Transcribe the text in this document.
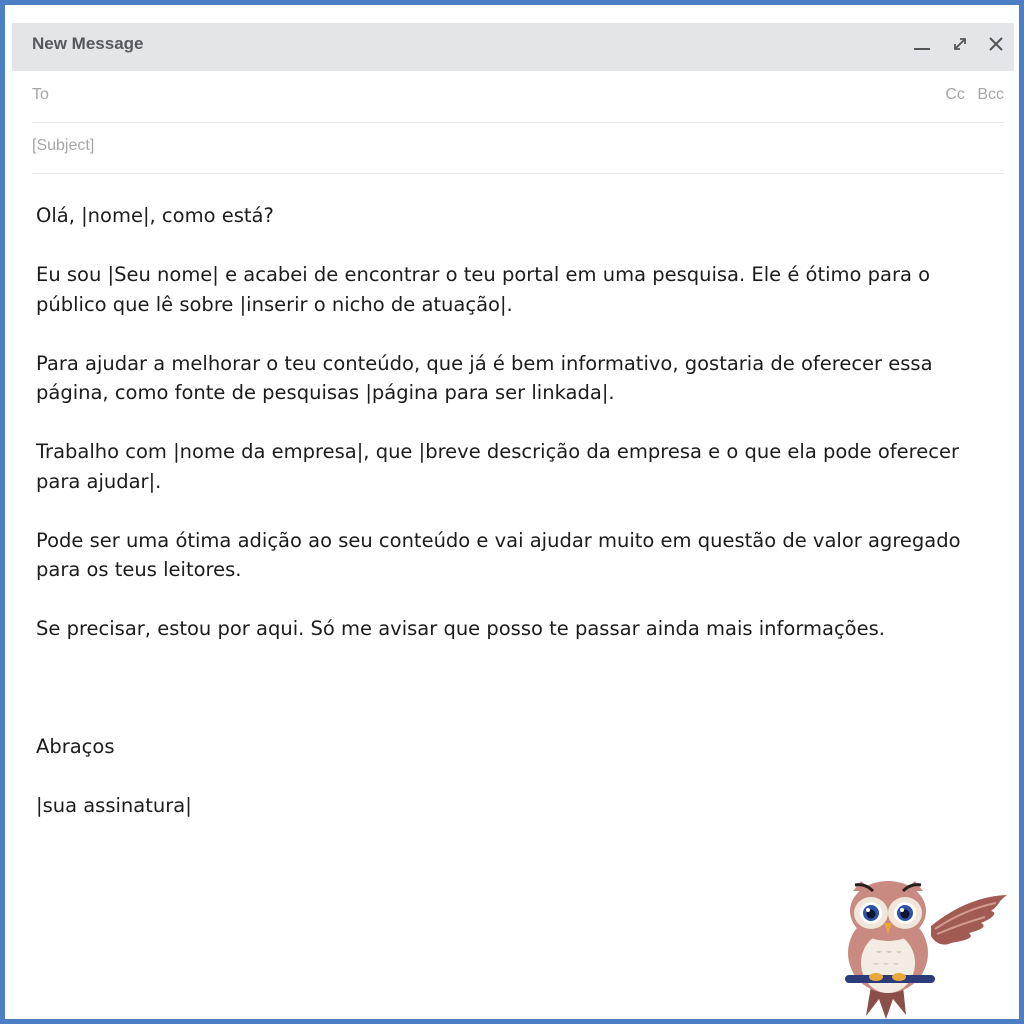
New Message
To	Cc Bcc
[Subject]

Olá, |nome|, como está?

Eu sou |Seu nome| e acabei de encontrar o teu portal em uma pesquisa. Ele é ótimo para o público que lê sobre |inserir o nicho de atuação|.

Para ajudar a melhorar o teu conteúdo, que já é bem informativo, gostaria de oferecer essa página, como fonte de pesquisas |página para ser linkada|.

Trabalho com |nome da empresa|, que |breve descrição da empresa e o que ela pode oferecer para ajudar|.

Pode ser uma ótima adição ao seu conteúdo e vai ajudar muito em questão de valor agregado para os teus leitores.

Se precisar, estou por aqui. Só me avisar que posso te passar ainda mais informações.

Abraços

|sua assinatura|
